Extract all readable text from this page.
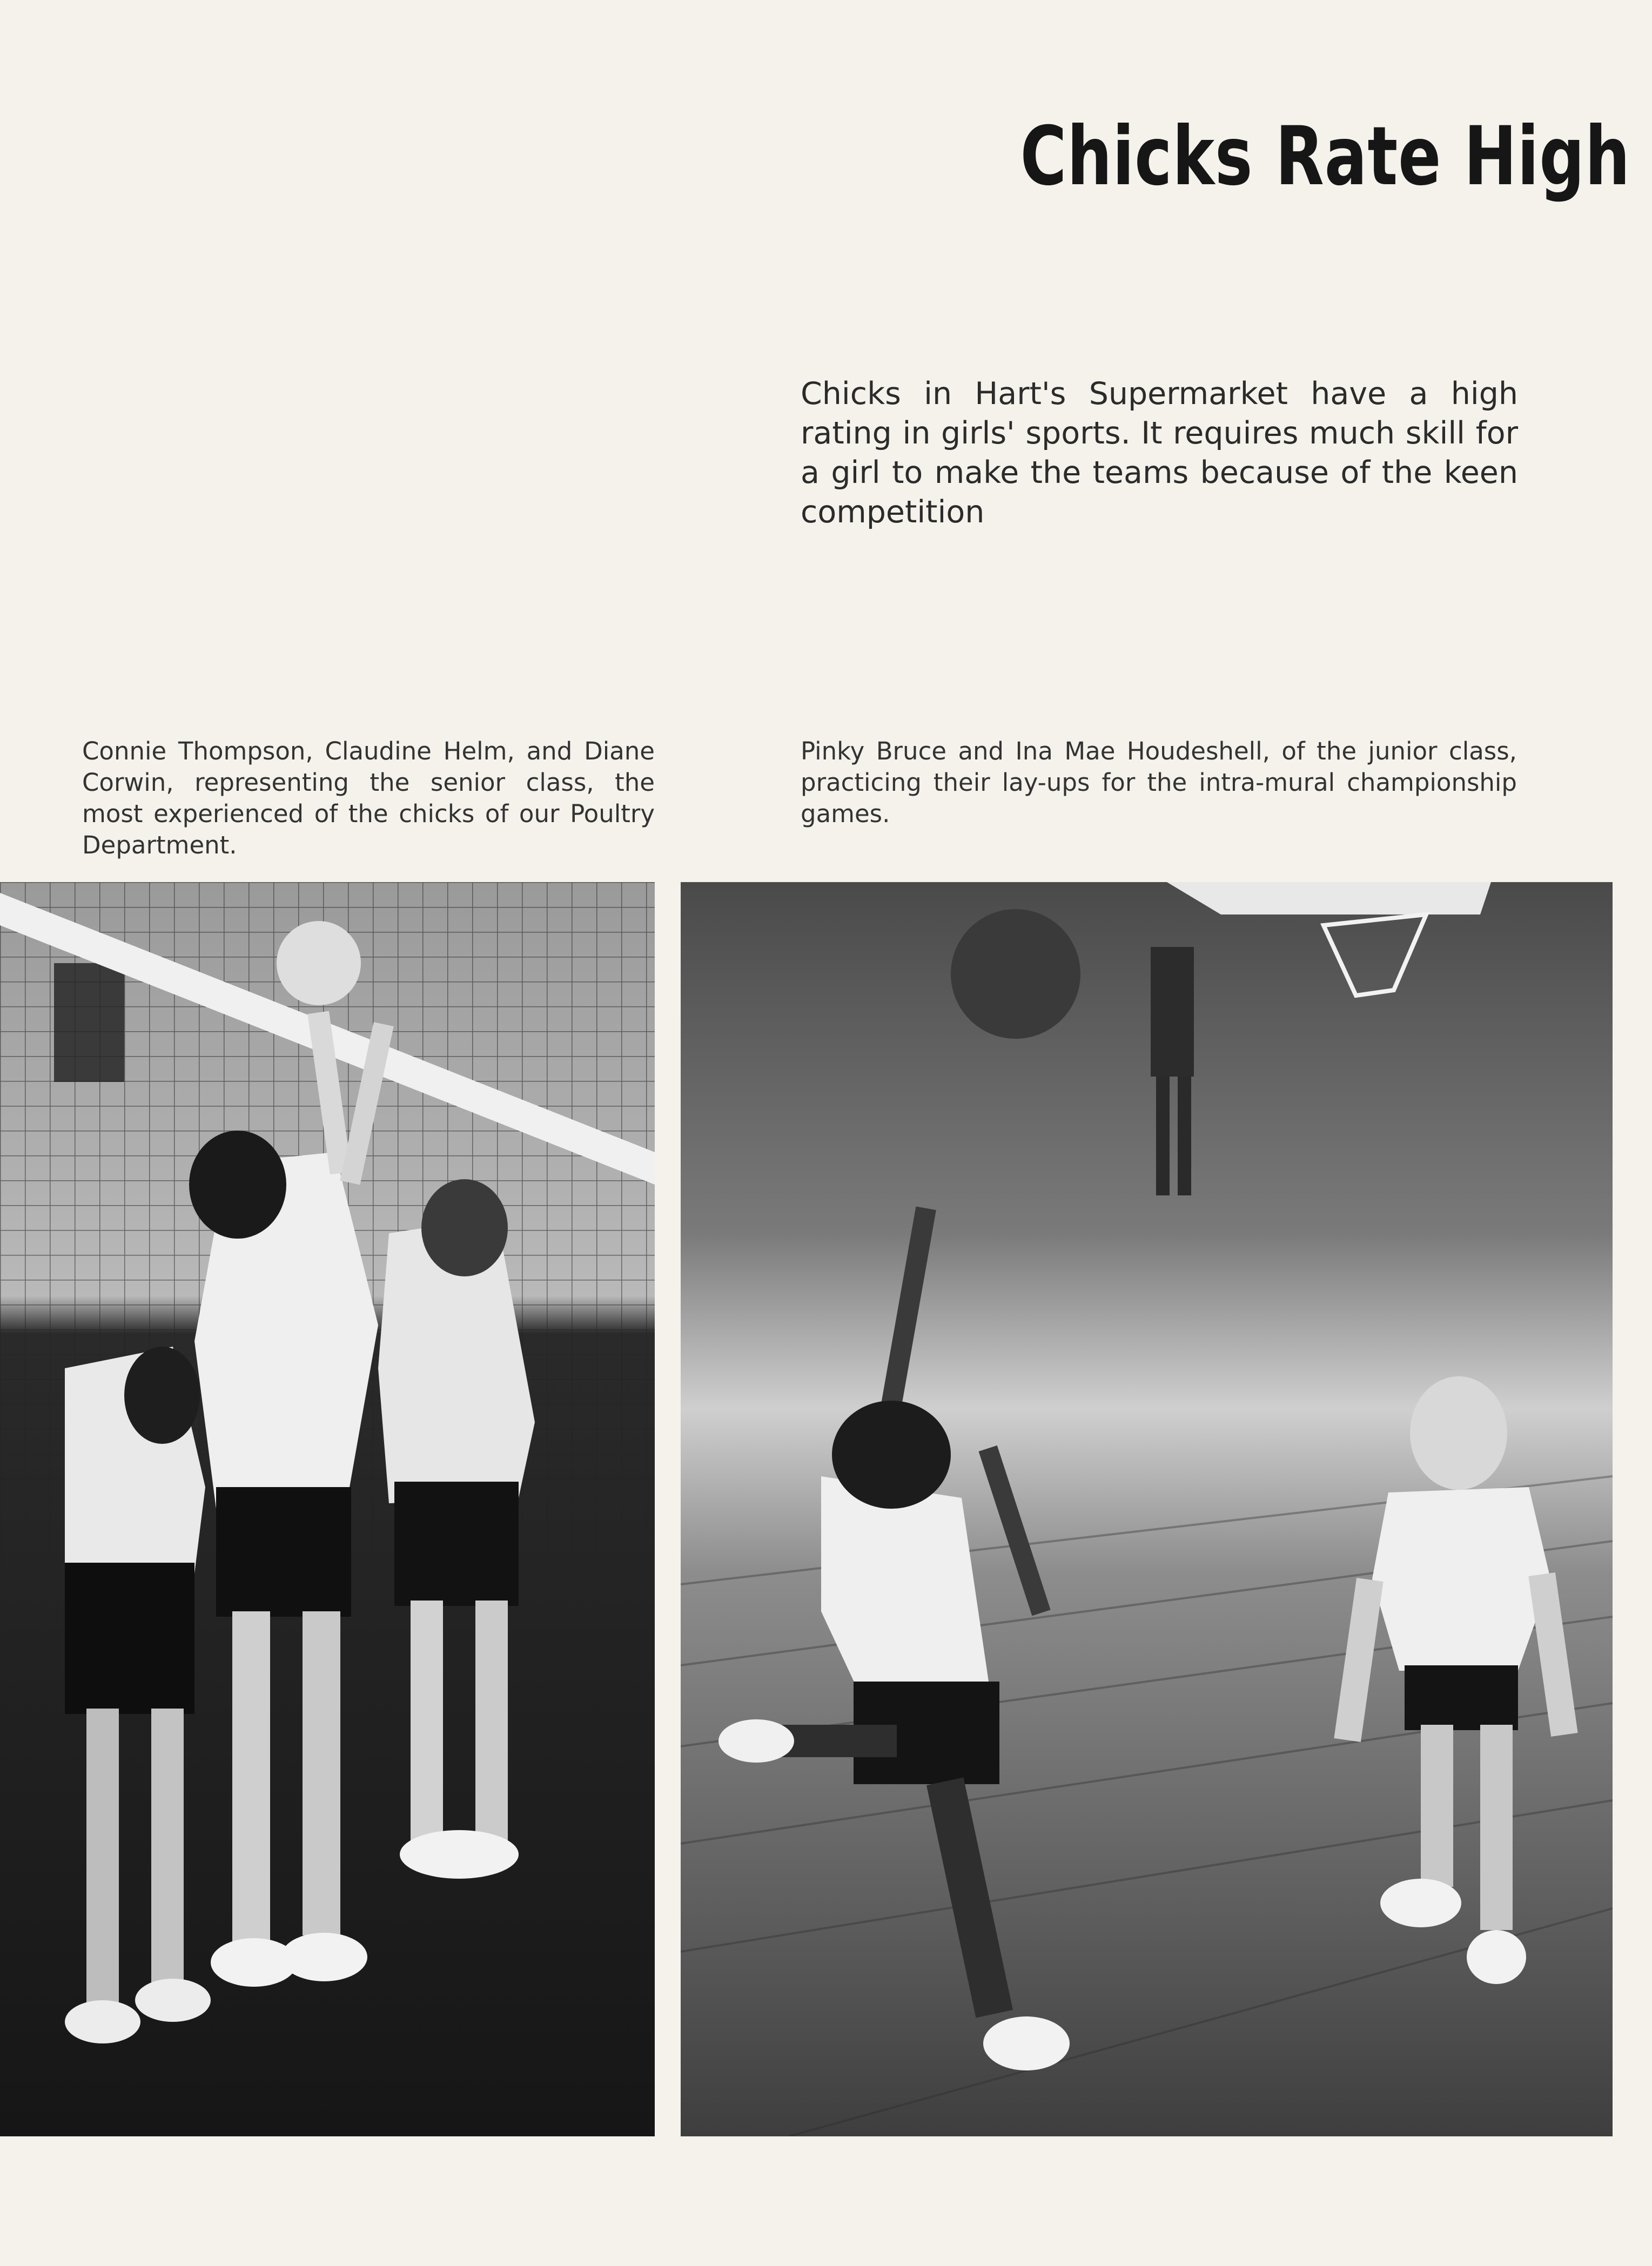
Chicks Rate High

Chicks in Hart's Supermarket have a high rating in girls' sports. It requires much skill for a girl to make the teams because of the keen competition

Connie Thompson, Claudine Helm, and Diane Corwin, representing the senior class, the most experienced of the chicks of our Poultry Department.

Pinky Bruce and Ina Mae Houdeshell, of the junior class, practicing their lay-ups for the intra-mural championship games.
